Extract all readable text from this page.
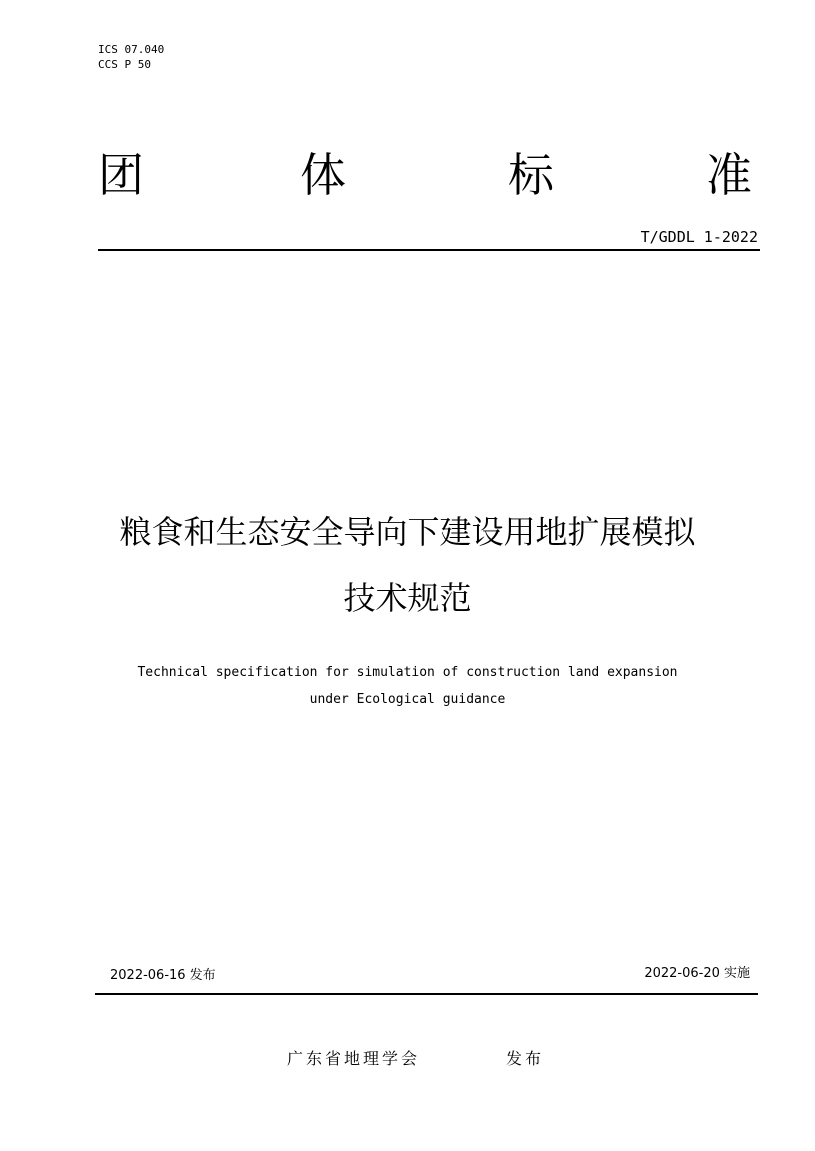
ICS 07.040
CCS P 50
团	体	标	准
T/GDDL 1-2022
粮食和生态安全导向下建设用地扩展模拟
技术规范
Technical specification for simulation of construction land expansion
under Ecological guidance
2022-06-16 发布	2022-06-20 实施
广东省地理学会	发布
